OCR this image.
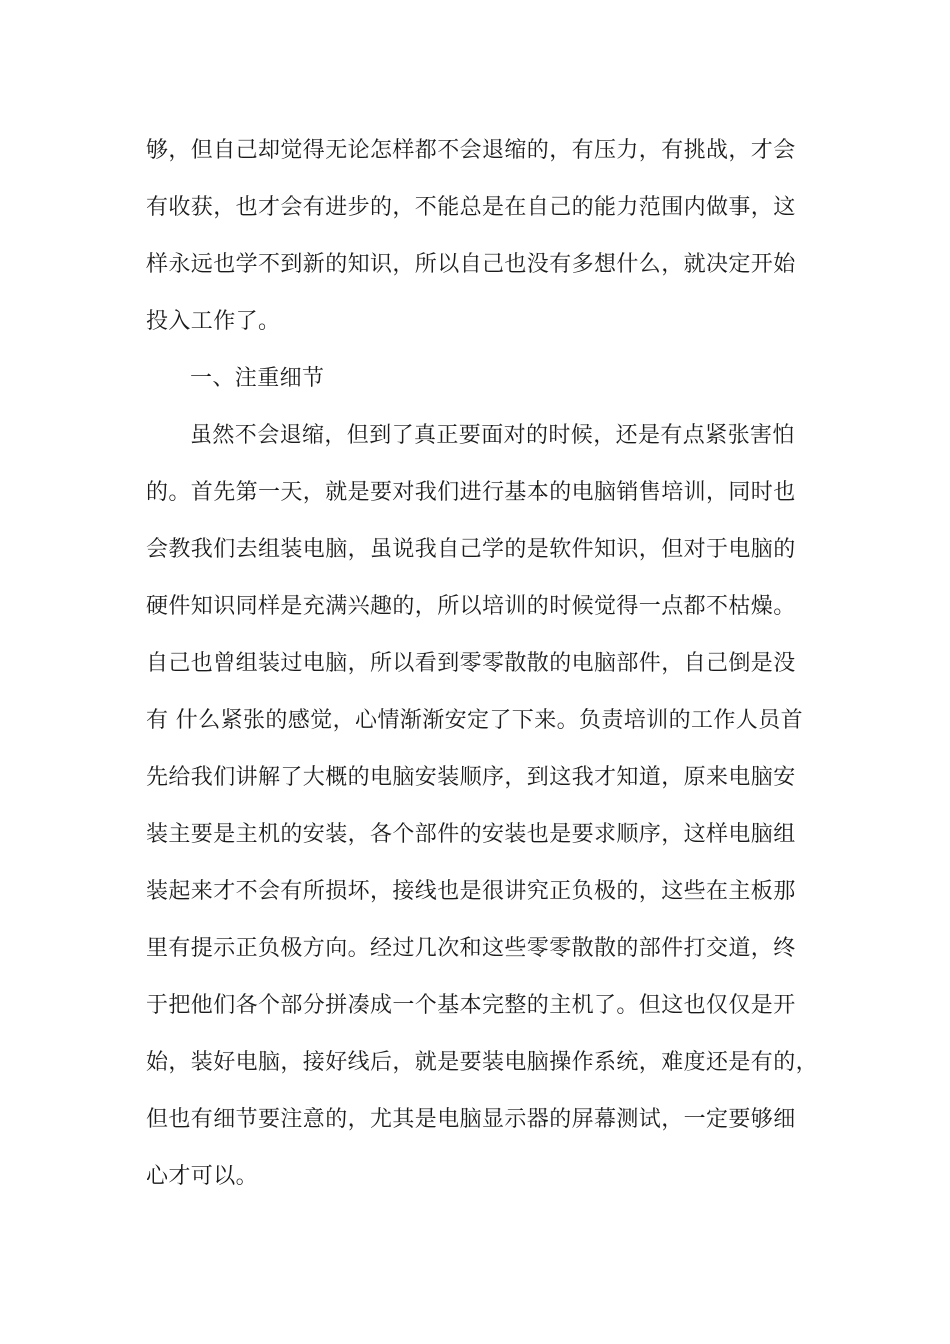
够，但自己却觉得无论怎样都不会退缩的，有压力，有挑战，才会
有收获，也才会有进步的，不能总是在自己的能力范围内做事，这
样永远也学不到新的知识，所以自己也没有多想什么，就决定开始
投入工作了。
一、注重细节
虽然不会退缩，但到了真正要面对的时候，还是有点紧张害怕
的。首先第一天，就是要对我们进行基本的电脑销售培训，同时也
会教我们去组装电脑，虽说我自己学的是软件知识，但对于电脑的
硬件知识同样是充满兴趣的，所以培训的时候觉得一点都不枯燥。
自己也曾组装过电脑，所以看到零零散散的电脑部件，自己倒是没
有 什么紧张的感觉，心情渐渐安定了下来。负责培训的工作人员首
先给我们讲解了大概的电脑安装顺序，到这我才知道，原来电脑安
装主要是主机的安装，各个部件的安装也是要求顺序，这样电脑组
装起来才不会有所损坏，接线也是很讲究正负极的，这些在主板那
里有提示正负极方向。经过几次和这些零零散散的部件打交道，终
于把他们各个部分拼凑成一个基本完整的主机了。但这也仅仅是开
始，装好电脑，接好线后，就是要装电脑操作系统，难度还是有的，
但也有细节要注意的，尤其是电脑显示器的屏幕测试，一定要够细
心才可以。
